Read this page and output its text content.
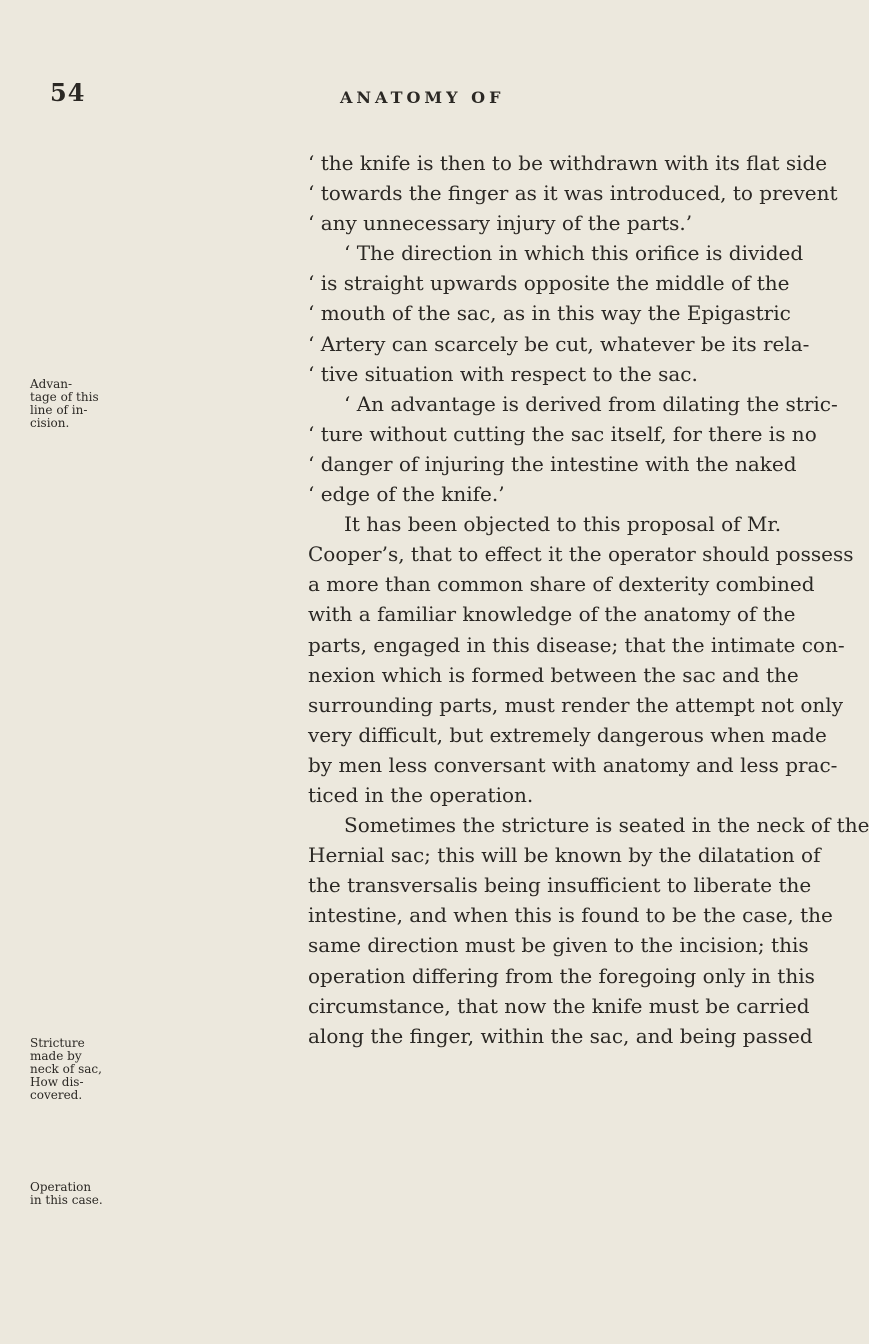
54	ANATOMY OF
‘ the knife is then to be withdrawn with its flat side
‘ towards the finger as it was introduced, to prevent
‘ any unnecessary injury of the parts.’
‘ The direction in which this orifice is divided
‘ is straight upwards opposite the middle of the
‘ mouth of the sac, as in this way the Epigastric
‘ Artery can scarcely be cut, whatever be its rela-
‘ tive situation with respect to the sac.
‘ An advantage is derived from dilating the stric-
‘ ture without cutting the sac itself, for there is no
‘ danger of injuring the intestine with the naked
‘ edge of the knife.’
It has been objected to this proposal of Mr.
Cooper’s, that to effect it the operator should possess
a more than common share of dexterity combined
with a familiar knowledge of the anatomy of the
parts, engaged in this disease; that the intimate con-
nexion which is formed between the sac and the
surrounding parts, must render the attempt not only
very difficult, but extremely dangerous when made
by men less conversant with anatomy and less prac-
ticed in the operation.
Sometimes the stricture is seated in the neck of the
Hernial sac; this will be known by the dilatation of
the transversalis being insufficient to liberate the
intestine, and when this is found to be the case, the
same direction must be given to the incision; this
operation differing from the foregoing only in this
circumstance, that now the knife must be carried
along the finger, within the sac, and being passed
Advan-
tage of this
line of in-
cision.
Stricture
made by
neck of sac,
How dis-
covered.
Operation
in this case.
